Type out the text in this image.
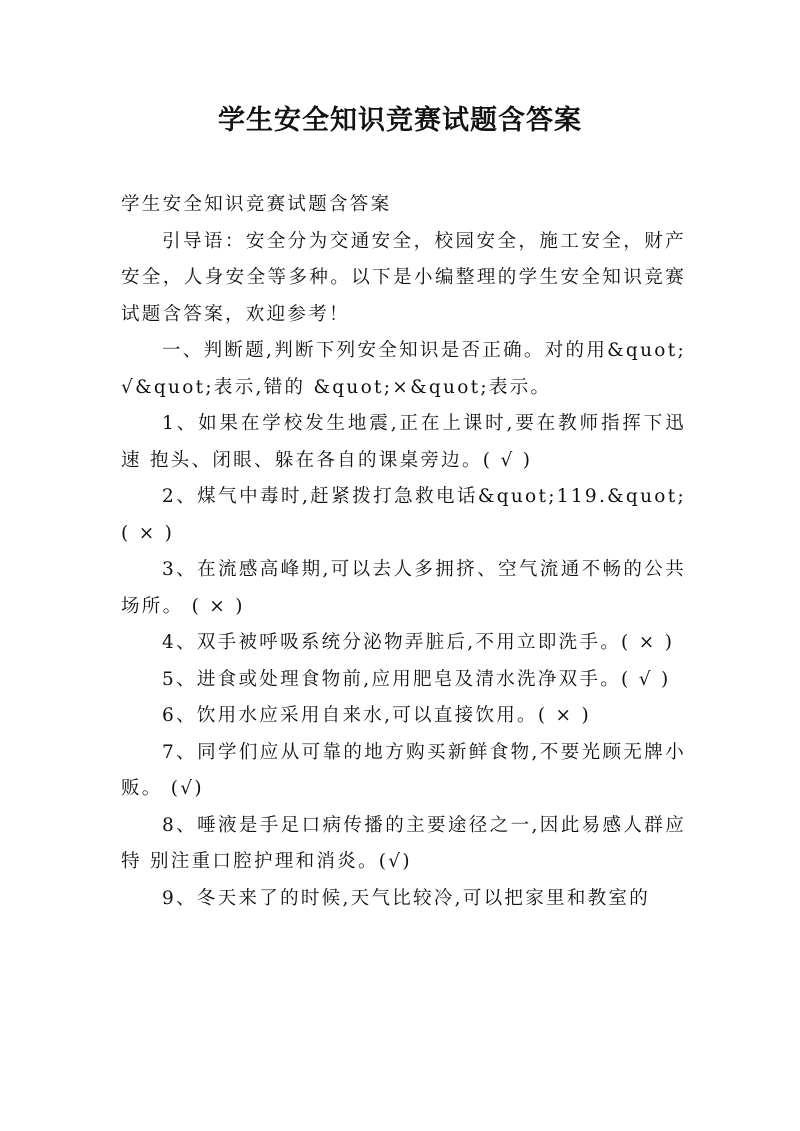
学生安全知识竞赛试题含答案

学生安全知识竞赛试题含答案

引导语：安全分为交通安全，校园安全，施工安全，财产安全，人身安全等多种。以下是小编整理的学生安全知识竞赛试题含答案，欢迎参考！

一、判断题,判断下列安全知识是否正确。对的用&quot;√&quot;表示,错的 &quot;×&quot;表示。

1、如果在学校发生地震,正在上课时,要在教师指挥下迅速 抱头、闭眼、躲在各自的课桌旁边。( √ )

2、煤气中毒时,赶紧拨打急救电话&quot;119.&quot;( × )

3、在流感高峰期,可以去人多拥挤、空气流通不畅的公共场所。 ( × )

4、双手被呼吸系统分泌物弄脏后,不用立即洗手。( × )

5、进食或处理食物前,应用肥皂及清水洗净双手。( √ )

6、饮用水应采用自来水,可以直接饮用。( × )

7、同学们应从可靠的地方购买新鲜食物,不要光顾无牌小贩。 (√)

8、唾液是手足口病传播的主要途径之一,因此易感人群应特 别注重口腔护理和消炎。(√)

9、冬天来了的时候,天气比较冷,可以把家里和教室的
